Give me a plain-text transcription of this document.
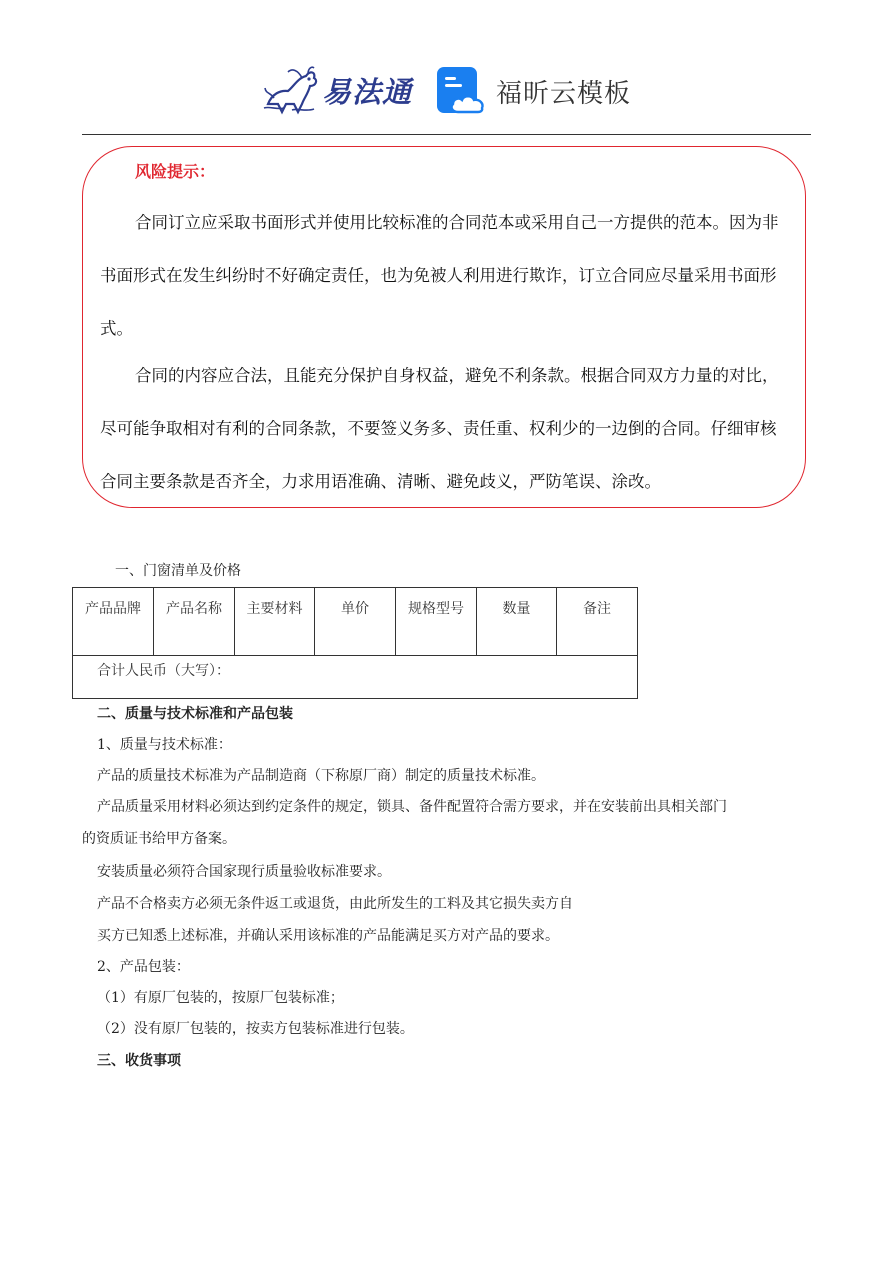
易法通	福昕云模板
风险提示：

合同订立应采取书面形式并使用比较标准的合同范本或采用自己一方提供的范本。因为非书面形式在发生纠纷时不好确定责任，也为免被人利用进行欺诈，订立合同应尽量采用书面形式。

合同的内容应合法，且能充分保护自身权益，避免不利条款。根据合同双方力量的对比，尽可能争取相对有利的合同条款，不要签义务多、责任重、权利少的一边倒的合同。仔细审核合同主要条款是否齐全，力求用语准确、清晰、避免歧义，严防笔误、涂改。

一、门窗清单及价格
产品品牌	产品名称	主要材料	单价	规格型号	数量	备注
合计人民币（大写）：
二、质量与技术标准和产品包装
1、质量与技术标准：
产品的质量技术标准为产品制造商（下称原厂商）制定的质量技术标准。
产品质量采用材料必须达到约定条件的规定，锁具、备件配置符合需方要求，并在安装前出具相关部门
的资质证书给甲方备案。
安装质量必须符合国家现行质量验收标准要求。
产品不合格卖方必须无条件返工或退货，由此所发生的工料及其它损失卖方自
买方已知悉上述标准，并确认采用该标准的产品能满足买方对产品的要求。
2、产品包装：
（1）有原厂包装的，按原厂包装标准；
（2）没有原厂包装的，按卖方包装标准进行包装。
三、收货事项
